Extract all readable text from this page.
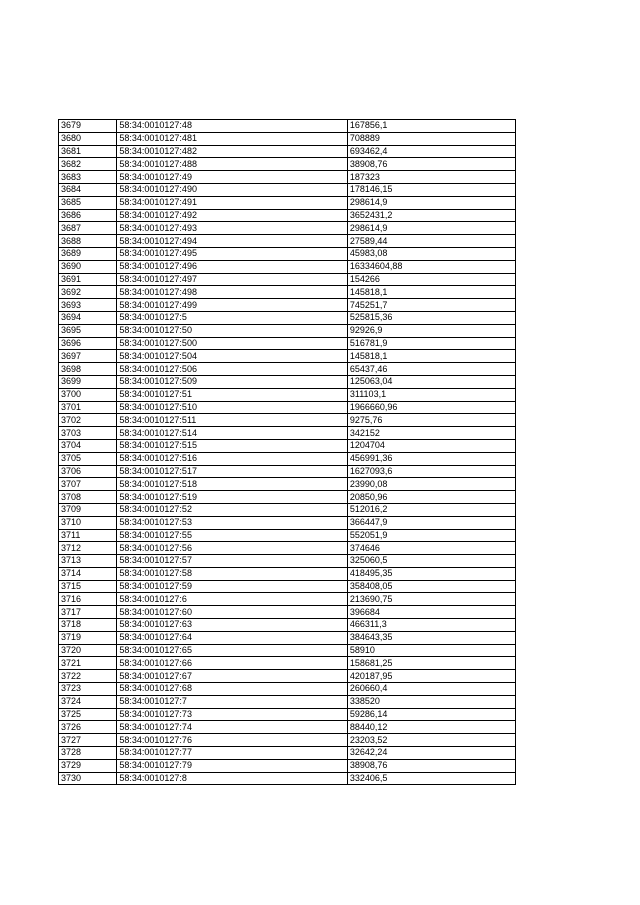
3679	58:34:0010127:48	167856,1
3680	58:34:0010127:481	708889
3681	58:34:0010127:482	693462,4
3682	58:34:0010127:488	38908,76
3683	58:34:0010127:49	187323
3684	58:34:0010127:490	178146,15
3685	58:34:0010127:491	298614,9
3686	58:34:0010127:492	3652431,2
3687	58:34:0010127:493	298614,9
3688	58:34:0010127:494	27589,44
3689	58:34:0010127:495	45983,08
3690	58:34:0010127:496	16334604,88
3691	58:34:0010127:497	154266
3692	58:34:0010127:498	145818,1
3693	58:34:0010127:499	745251,7
3694	58:34:0010127:5	525815,36
3695	58:34:0010127:50	92926,9
3696	58:34:0010127:500	516781,9
3697	58:34:0010127:504	145818,1
3698	58:34:0010127:506	65437,46
3699	58:34:0010127:509	125063,04
3700	58:34:0010127:51	311103,1
3701	58:34:0010127:510	1966660,96
3702	58:34:0010127:511	9275,76
3703	58:34:0010127:514	342152
3704	58:34:0010127:515	1204704
3705	58:34:0010127:516	456991,36
3706	58:34:0010127:517	1627093,6
3707	58:34:0010127:518	23990,08
3708	58:34:0010127:519	20850,96
3709	58:34:0010127:52	512016,2
3710	58:34:0010127:53	366447,9
3711	58:34:0010127:55	552051,9
3712	58:34:0010127:56	374646
3713	58:34:0010127:57	325060,5
3714	58:34:0010127:58	418495,35
3715	58:34:0010127:59	358408,05
3716	58:34:0010127:6	213690,75
3717	58:34:0010127:60	396684
3718	58:34:0010127:63	466311,3
3719	58:34:0010127:64	384643,35
3720	58:34:0010127:65	58910
3721	58:34:0010127:66	158681,25
3722	58:34:0010127:67	420187,95
3723	58:34:0010127:68	260660,4
3724	58:34:0010127:7	338520
3725	58:34:0010127:73	59286,14
3726	58:34:0010127:74	88440,12
3727	58:34:0010127:76	23203,52
3728	58:34:0010127:77	32642,24
3729	58:34:0010127:79	38908,76
3730	58:34:0010127:8	332406,5
